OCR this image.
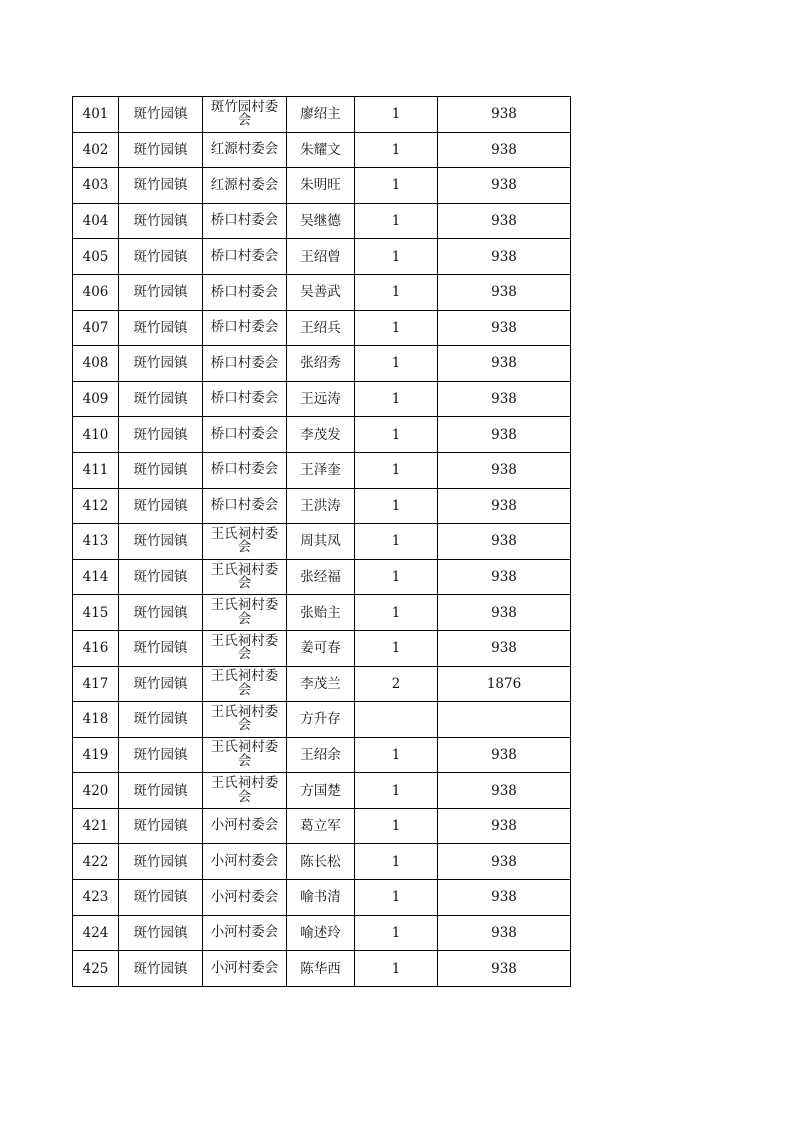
401	斑竹园镇	斑竹园村委会	廖绍主	1	938
402	斑竹园镇	红源村委会	朱耀文	1	938
403	斑竹园镇	红源村委会	朱明旺	1	938
404	斑竹园镇	桥口村委会	吴继德	1	938
405	斑竹园镇	桥口村委会	王绍曾	1	938
406	斑竹园镇	桥口村委会	吴善武	1	938
407	斑竹园镇	桥口村委会	王绍兵	1	938
408	斑竹园镇	桥口村委会	张绍秀	1	938
409	斑竹园镇	桥口村委会	王远涛	1	938
410	斑竹园镇	桥口村委会	李茂发	1	938
411	斑竹园镇	桥口村委会	王泽奎	1	938
412	斑竹园镇	桥口村委会	王洪涛	1	938
413	斑竹园镇	王氏祠村委会	周其凤	1	938
414	斑竹园镇	王氏祠村委会	张经福	1	938
415	斑竹园镇	王氏祠村委会	张贻主	1	938
416	斑竹园镇	王氏祠村委会	姜可春	1	938
417	斑竹园镇	王氏祠村委会	李茂兰	2	1876
418	斑竹园镇	王氏祠村委会	方升存		
419	斑竹园镇	王氏祠村委会	王绍余	1	938
420	斑竹园镇	王氏祠村委会	方国楚	1	938
421	斑竹园镇	小河村委会	葛立军	1	938
422	斑竹园镇	小河村委会	陈长松	1	938
423	斑竹园镇	小河村委会	喻书清	1	938
424	斑竹园镇	小河村委会	喻述玲	1	938
425	斑竹园镇	小河村委会	陈华西	1	938
